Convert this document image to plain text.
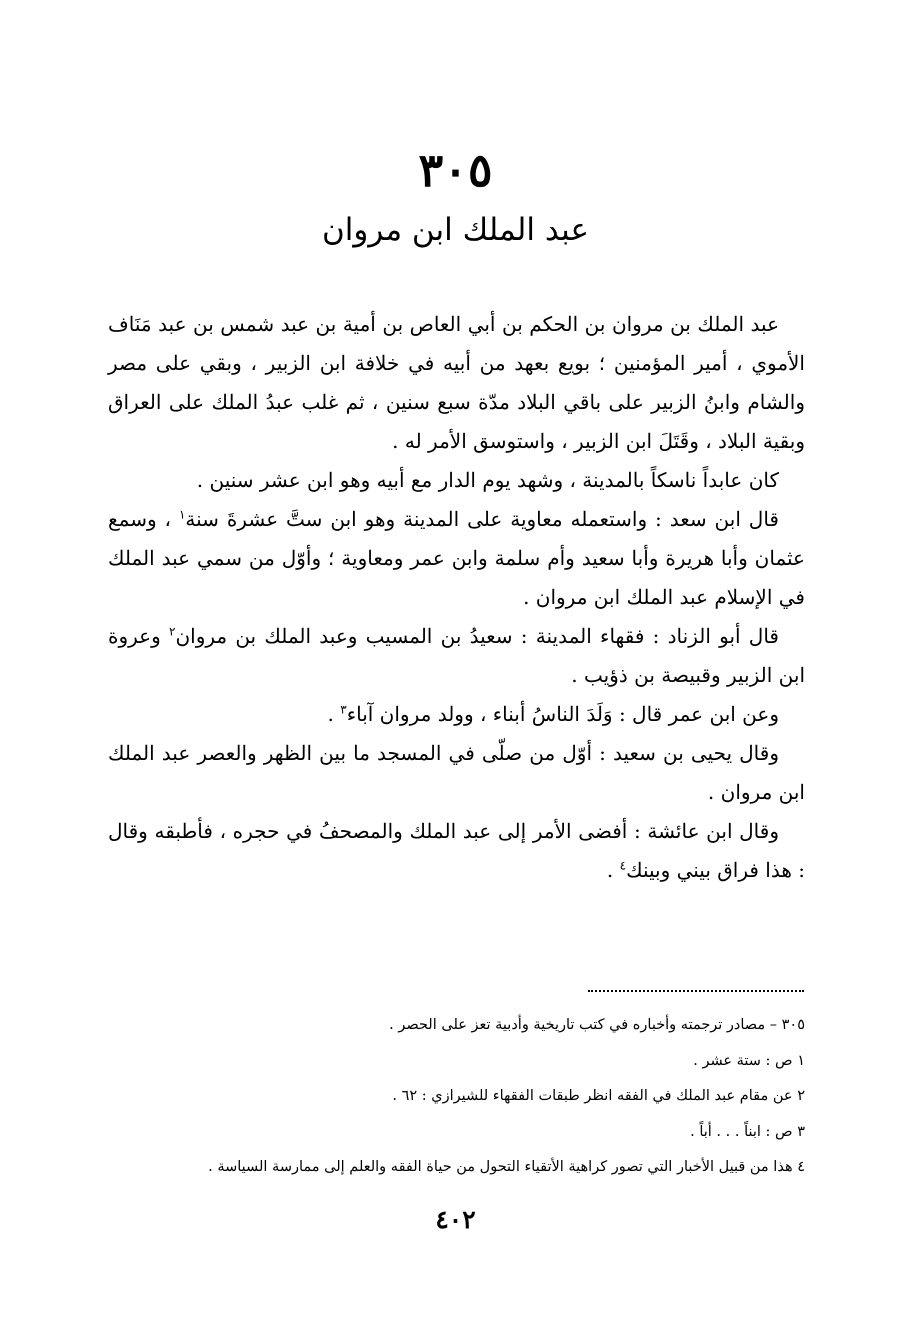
٣٠٥
عبد الملك ابن مروان

عبد الملك بن مروان بن الحكم بن أبي العاص بن أمية بن عبد شمس بن عبد مَنَاف الأموي ، أمير المؤمنين ؛ بويع بعهد من أبيه في خلافة ابن الزبير ، وبقي على مصر والشام وابنُ الزبير على باقي البلاد مدّة سبع سنين ، ثم غلب عبدُ الملك على العراق وبقية البلاد ، وقَتَلَ ابن الزبير ، واستوسق الأمر له .

كان عابداً ناسكاً بالمدينة ، وشهد يوم الدار مع أبيه وهو ابن عشر سنين .

قال ابن سعد : واستعمله معاوية على المدينة وهو ابن ستَّ عشرةَ سنة$^١$ ، وسمع عثمان وأبا هريرة وأبا سعيد وأم سلمة وابن عمر ومعاوية ؛ وأوّل من سمي عبد الملك في الإسلام عبد الملك ابن مروان .

قال أبو الزناد : فقهاء المدينة : سعيدُ بن المسيب وعبد الملك بن مروان$^٢$ وعروة ابن الزبير وقبيصة بن ذؤيب .

وعن ابن عمر قال : وَلَدَ الناسُ أبناء ، وولد مروان آباء$^٣$ .

وقال يحيى بن سعيد : أوّل من صلّى في المسجد ما بين الظهر والعصر عبد الملك ابن مروان .

وقال ابن عائشة : أفضى الأمر إلى عبد الملك والمصحفُ في حجره ، فأطبقه وقال : هذا فراق بيني وبينك$^٤$ .

٣٠٥ – مصادر ترجمته وأخباره في كتب تاريخية وأدبية تعز على الحصر .

١ ص : ستة عشر .

٢ عن مقام عبد الملك في الفقه انظر طبقات الفقهاء للشيرازي : ٦٢ .

٣ ص : ابناً . . . أباً .

٤ هذا من قبيل الأخبار التي تصور كراهية الأتقياء التحول من حياة الفقه والعلم إلى ممارسة السياسة .

٤٠٢
